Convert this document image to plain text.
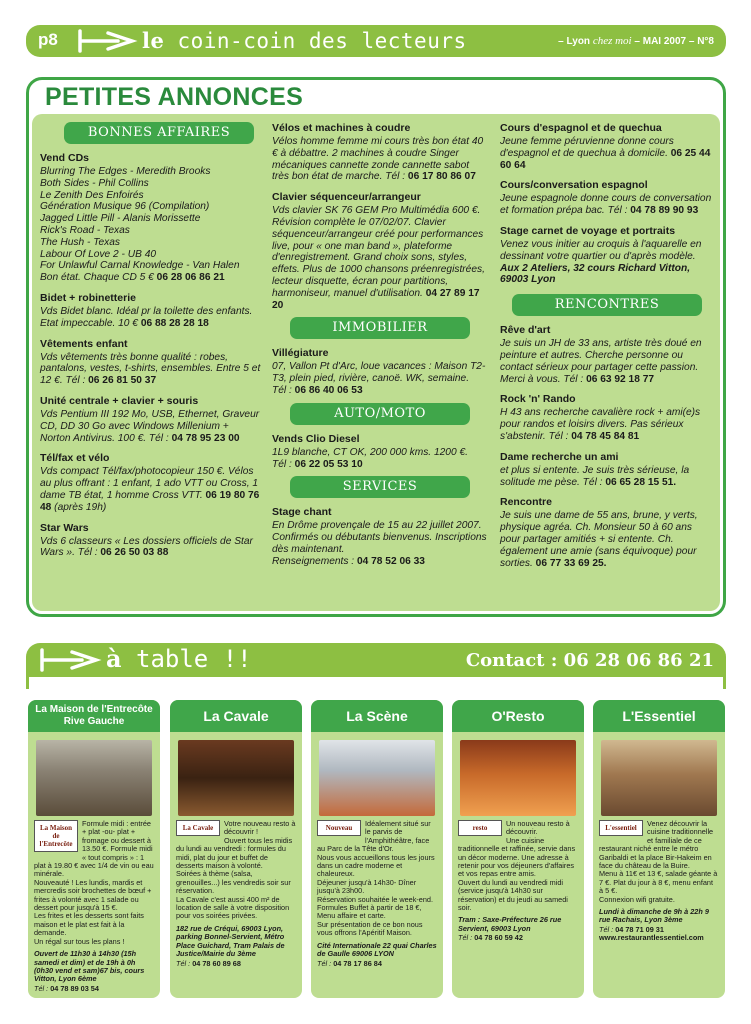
p8	le coin-coin des lecteurs	– Lyon chez moi – MAI 2007 – N°8
PETITES ANNONCES
BONNES AFFAIRES
Vend CDs

Blurring The Edges - Meredith Brooks
Both Sides - Phil Collins
Le Zenith Des Enfoirés
Génération Musique 96 (Compilation)
Jagged Little Pill - Alanis Morissette
Rick's Road - Texas
The Hush - Texas
Labour Of Love 2 - UB 40
For Unlawful Carnal Knowledge - Van Halen
Bon état. Chaque CD 5 € 06 28 06 86 21

Bidet + robinetterie

Vds Bidet blanc. Idéal pr la toilette des enfants. Etat impeccable. 10 € 06 88 28 28 18

Vêtements enfant

Vds vêtements très bonne qualité : robes, pantalons, vestes, t-shirts, ensembles. Entre 5 et 12 €. Tél : 06 26 81 50 37

Unité centrale + clavier + souris

Vds Pentium III 192 Mo, USB, Ethernet, Graveur CD, DD 30 Go avec Windows Millenium + Norton Antivirus. 100 €. Tél : 04 78 95 23 00

Tél/fax et vélo

Vds compact Tél/fax/photocopieur 150 €. Vélos au plus offrant : 1 enfant, 1 ado VTT ou Cross, 1 dame TB état, 1 homme Cross VTT. 06 19 80 76 48 (après 19h)

Star Wars

Vds 6 classeurs « Les dossiers officiels de Star Wars ». Tél : 06 26 50 03 88

Vélos et machines à coudre

Vélos homme femme mi cours très bon état 40 € à débattre. 2 machines à coudre Singer mécaniques cannette zonde cannette sabot très bon état de marche. Tél : 06 17 80 86 07

Clavier séquenceur/arrangeur

Vds clavier SK 76 GEM Pro Multimédia 600 €. Révision complète le 07/02/07. Clavier séquenceur/arrangeur créé pour performances live, pour « one man band », plateforme d'enregistrement. Grand choix sons, styles, effets. Plus de 1000 chansons préenregistrées, lecteur disquette, écran pour partitions, harmoniseur, manuel d'utilisation. 04 27 89 17 20

IMMOBILIER
Villégiature

07, Vallon Pt d'Arc, loue vacances : Maison T2-T3, plein pied, rivière, canoë. WK, semaine.

Tél : 06 86 40 06 53
AUTO/MOTO
Vends Clio Diesel

1L9 blanche, CT OK, 200 000 kms. 1200 €.

Tél : 06 22 05 53 10
SERVICES
Stage chant

En Drôme provençale de 15 au 22 juillet 2007. Confirmés ou débutants bienvenus. Inscriptions dès maintenant.
Renseignements : 04 78 52 06 33

Cours d'espagnol et de quechua

Jeune femme péruvienne donne cours d'espagnol et de quechua à domicile. 06 25 44 60 64

Cours/conversation espagnol

Jeune espagnole donne cours de conversation et formation prépa bac. Tél : 04 78 89 90 93

Stage carnet de voyage et portraits

Venez vous initier au croquis à l'aquarelle en dessinant votre quartier ou d'après modèle.

Aux 2 Ateliers, 32 cours Richard Vitton, 69003 Lyon
RENCONTRES
Rêve d'art

Je suis un JH de 33 ans, artiste très doué en peinture et autres. Cherche personne ou contact sérieux pour partager cette passion. Merci à vous. Tél : 06 63 92 18 77

Rock 'n' Rando

H 43 ans recherche cavalière rock + ami(e)s pour randos et loisirs divers. Pas sérieux s'abstenir. Tél : 04 78 45 84 81

Dame recherche un ami

et plus si entente. Je suis très sérieuse, la solitude me pèse. Tél : 06 65 28 15 51.

Rencontre

Je suis une dame de 55 ans, brune, y verts, physique agréa. Ch. Monsieur 50 à 60 ans pour partager amitiés + si entente. Ch. également une amie (sans équivoque) pour sorties. 06 77 33 69 25.

à table !!	Contact : 06 28 06 86 21
La Maison de l'Entrecôte Rive Gauche
La Maison de l'Entrecôte
Formule midi : entrée + plat -ou- plat + fromage ou dessert à 13.50 €. Formule midi « tout compris » : 1 plat à 19.80 € avec 1/4 de vin ou eau minérale.
Nouveauté ! Les lundis, mardis et mercredis soir brochettes de bœuf + frites à volonté avec 1 salade ou dessert pour jusqu'à 15 €.
Les frites et les desserts sont faits maison et le plat est fait à la demande.
Un régal sur tous les plans !
Ouvert de 11h30 à 14h30 (15h samedi et dim) et de 19h à 0h (0h30 vend et sam)67 bis, cours Vitton, Lyon 6ème
Tél : 04 78 89 03 54
La Cavale
La Cavale	Votre nouveau resto à découvrir !
Ouvert tous les midis du lundi au vendredi : formules du midi, plat du jour et buffet de desserts maison à volonté.
Soirées à thème (salsa, grenouilles...) les vendredis soir sur réservation.
La Cavale c'est aussi 400 m² de location de salle à votre disposition pour vos soirées privées.
182 rue de Créqui, 69003 Lyon, parking Bonnel-Servient, Métro Place Guichard, Tram Palais de Justice/Mairie du 3ème
Tél : 04 78 60 89 68
La Scène
Nouveau	Idéalement situé sur le parvis de l'Amphithéâtre, face au Parc de la Tête d'Or.
Nous vous accueillons tous les jours dans un cadre moderne et chaleureux.
Déjeuner jusqu'à 14h30- Dîner jusqu'à 23h00.
Réservation souhaitée le week-end.
Formules Buffet à partir de 18 €, Menu affaire et carte.
Sur présentation de ce bon nous vous offrons l'Apéritif Maison.
Cité Internationale 22 quai Charles de Gaulle 69006 LYON
Tél : 04 78 17 86 84
O'Resto
resto	Un nouveau resto à découvrir.
Une cuisine traditionnelle et raffinée, servie dans un décor moderne. Une adresse à retenir pour vos déjeuners d'affaires et vos repas entre amis.
Ouvert du lundi au vendredi midi (service jusqu'à 14h30 sur réservation) et du jeudi au samedi soir.
Tram : Saxe-Préfecture 26 rue Servient, 69003 Lyon
Tél : 04 78 60 59 42
L'Essentiel
L'essentiel	Venez découvrir la cuisine traditionnelle et familiale de ce restaurant niché entre le métro Garibaldi et la place Bir-Hakeim en face du château de la Buire.
Menu à 11€ et 13 €, salade géante à 7 €. Plat du jour à 8 €, menu enfant à 5 €.
Connexion wifi gratuite.
Lundi à dimanche de 9h à 22h 9 rue Rachais, Lyon 3ème
Tél : 04 78 71 09 31
www.restaurantlessentiel.com
